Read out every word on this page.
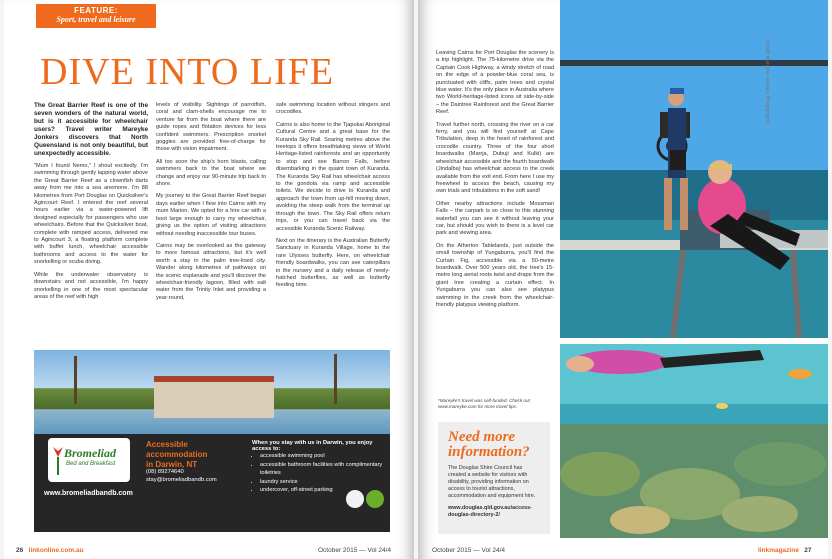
FEATURE:
Sport, travel and leisure
DIVE INTO LIFE

The Great Barrier Reef is one of the seven wonders of the natural world, but is it accessible for wheelchair users? Travel writer Mareyke Jonkers discovers that North Queensland is not only beautiful, but unexpectedly accessible.

"Mum I found Nemo," I shout excitedly. I'm swimming through gently lapping water above the Great Barrier Reef as a clownfish darts away from me into a sea anemone. I'm 88 kilometres from Port Douglas on Quicksilver's Agincourt Reef. I entered the reef several hours earlier via a water-powered lift designed especially for passengers who use wheelchairs. Before that the Quicksilver boat, complete with ramped access, delivered me to Agincourt 3, a floating platform complete with buffet lunch, wheelchair accessible bathrooms and access to the water for snorkelling or scuba diving.

While the underwater observatory is downstairs and not accessible, I'm happy snorkelling in one of the most spectacular areas of the reef with high

levels of visibility. Sightings of parrotfish, coral and clam-shells encourage me to venture far from the boat where there are guide ropes and flotation devices for less confident swimmers. Prescription snorkel goggles are provided free-of-charge for those with vision impairment.

All too soon the ship's horn blasts, calling swimmers back to the boat where we change and enjoy our 90-minute trip back to shore.

My journey to the Great Barrier Reef began days earlier when I flew into Cairns with my mum Marion. We opted for a hire car with a boot large enough to carry my wheelchair, giving us the option of visiting attractions without needing inaccessible tour buses.

Cairns may be overlooked as the gateway to more famous attractions, but it's well worth a stay in the palm tree-lined city. Wander along kilometres of pathways on the scenic esplanade and you'll discover the wheelchair-friendly lagoon, filled with salt water from the Trinity Inlet and providing a year-round,

safe swimming location without stingers and crocodiles.

Cairns is also home to the Tjapukai Aboriginal Cultural Centre and a great base for the Kuranda Sky Rail. Soaring metres above the treetops it offers breathtaking views of World Heritage-listed rainforests and an opportunity to stop and see Barron Falls, before disembarking in the quaint town of Kuranda. The Kuranda Sky Rail has wheelchair access to the gondola via ramp and accessible toilets. We decide to drive to Kuranda and approach the town from up-hill moving down, avoiding the steep walk from the terminal up through the town. The Sky Rail offers return trips, or you can travel back via the accessible Kuranda Scenic Railway.

Next on the itinerary is the Australian Butterfly Sanctuary in Kuranda Village, home to the rare Ulysses butterfly. Here, on wheelchair friendly boardwalks, you can see caterpillars in the nursery and a daily release of newly-hatched butterflies, as well as butterfly feeding time.

Bromeliad
Bed and Breakfast
www.bromeliadbandb.com
Accessible
accommodation
in Darwin, NT
(08) 89274640
stay@bromeliadbandb.com
When you stay with us in Darwin, you enjoy access to:
• accessible swimming pool
• accessible bathroom facilities with complimentary toiletries
• laundry service
• undercover, off-street parking
26 linkonline.com.au	October 2015 — Vol 24/4

Leaving Cairns for Port Douglas the scenery is a trip highlight. The 75-kilometre drive via the Captain Cook Highway, a windy stretch of road on the edge of a powder-blue coral sea, is punctuated with cliffs, palm trees and crystal blue water. It's the only place in Australia where two World-heritage-listed icons sit side-by-side – the Daintree Rainforest and the Great Barrier Reef.

Travel further north, crossing the river on a car ferry, and you will find yourself at Cape Tribulation, deep in the heart of rainforest and crocodile country. Three of the four short boardwalks (Marrja, Dubuji and Kulki) are wheelchair accessible and the fourth boardwalk (Jindalba) has wheelchair access to the creek available from the exit end. From here I use my freewheel to access the beach, causing my own trials and tribulations in the soft sand!

Other nearby attractions include Mossman Falls – the carpark is so close to this stunning waterfall you can see it without leaving your car, but should you wish to there is a level car park and viewing area.

On the Atherton Tablelands, just outside the small township of Yungaburra, you'll find the Curtain Fig, accessible via a 50-metre boardwalk. Over 500 years old, the tree's 15-metre long aerial roots twist and drape from the giant tree creating a curtain effect. In Yungaburra you can also see platypus swimming in the creek from the wheelchair-friendly platypus viewing platform.

*Mareyke's travel was self-funded. Check out www.mareyke.com for more travel tips.
Need more information?
The Douglas Shire Council has created a website for visitors with disability, providing information on access to tourist attractions, accommodation and equipment hire.
www.douglas.qld.gov.au/access-douglas-directory-2/
Credit: Mareyke Jonkers Photography
October 2015 — Vol 24/4	linkmagazine 27
